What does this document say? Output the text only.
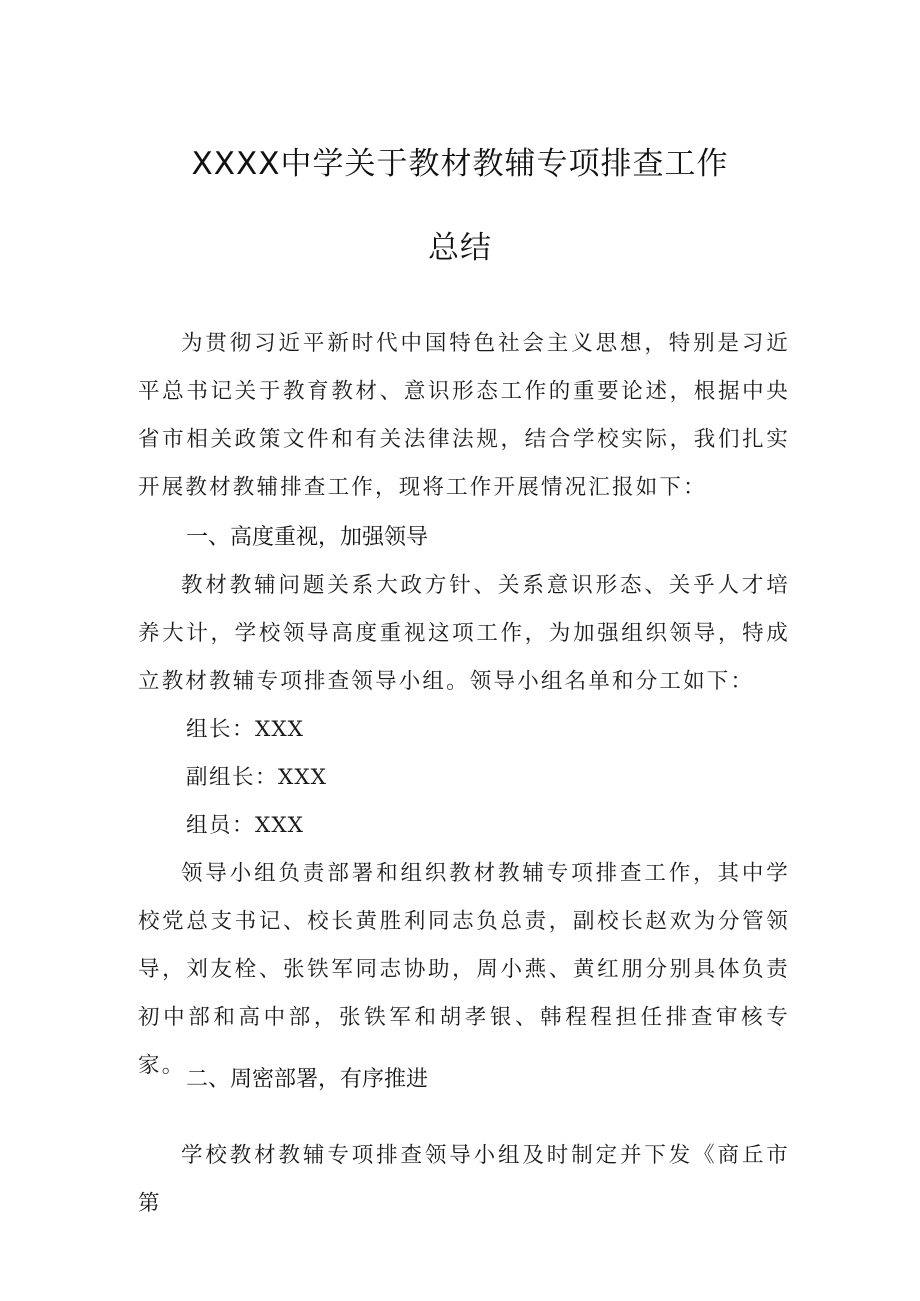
XXXX中学关于教材教辅专项排查工作
总结

为贯彻习近平新时代中国特色社会主义思想，特别是习近平总书记关于教育教材、意识形态工作的重要论述，根据中央省市相关政策文件和有关法律法规，结合学校实际，我们扎实开展教材教辅排查工作，现将工作开展情况汇报如下：

一、高度重视，加强领导

教材教辅问题关系大政方针、关系意识形态、关乎人才培养大计，学校领导高度重视这项工作，为加强组织领导，特成立教材教辅专项排查领导小组。领导小组名单和分工如下：

组长：XXX
副组长：XXX
组员：XXX

领导小组负责部署和组织教材教辅专项排查工作，其中学校党总支书记、校长黄胜利同志负总责，副校长赵欢为分管领导，刘友栓、张铁军同志协助，周小燕、黄红朋分别具体负责初中部和高中部，张铁军和胡孝银、韩程程担任排查审核专家。

二、周密部署，有序推进

学校教材教辅专项排查领导小组及时制定并下发《商丘市第
